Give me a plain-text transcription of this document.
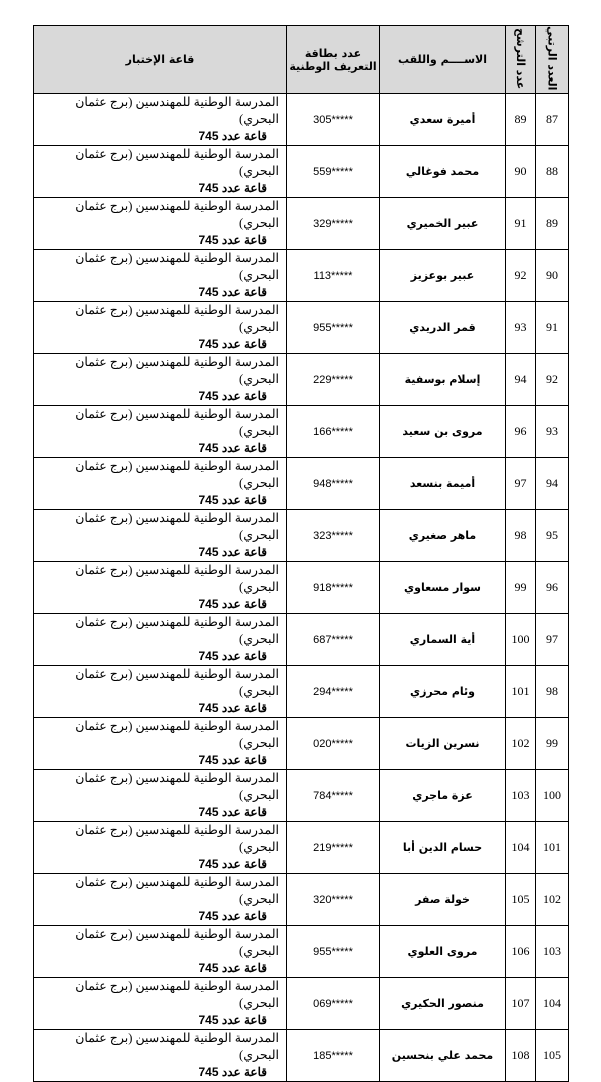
العدد الرتبي	عدد الترشح	الاســــم واللقب	عدد بطاقة التعريف الوطنية	قاعة الإختبار
87	89	أميرة سعدي	305*****	المدرسة الوطنية للمهندسين (برج عثمان البحري)
قاعة عدد 745

88	90	محمد فوغالي	559*****	المدرسة الوطنية للمهندسين (برج عثمان البحري)
قاعة عدد 745

89	91	عبير الخميري	329*****	المدرسة الوطنية للمهندسين (برج عثمان البحري)
قاعة عدد 745

90	92	عبير بوعزيز	113*****	المدرسة الوطنية للمهندسين (برج عثمان البحري)
قاعة عدد 745

91	93	قمر الدريدي	955*****	المدرسة الوطنية للمهندسين (برج عثمان البحري)
قاعة عدد 745

92	94	إسلام بوسفية	229*****	المدرسة الوطنية للمهندسين (برج عثمان البحري)
قاعة عدد 745

93	96	مروى بن سعيد	166*****	المدرسة الوطنية للمهندسين (برج عثمان البحري)
قاعة عدد 745

94	97	أميمة بنسعد	948*****	المدرسة الوطنية للمهندسين (برج عثمان البحري)
قاعة عدد 745

95	98	ماهر صغيري	323*****	المدرسة الوطنية للمهندسين (برج عثمان البحري)
قاعة عدد 745

96	99	سوار مسعاوي	918*****	المدرسة الوطنية للمهندسين (برج عثمان البحري)
قاعة عدد 745

97	100	أية السماري	687*****	المدرسة الوطنية للمهندسين (برج عثمان البحري)
قاعة عدد 745

98	101	وئام محرزي	294*****	المدرسة الوطنية للمهندسين (برج عثمان البحري)
قاعة عدد 745

99	102	نسرين الزيات	020*****	المدرسة الوطنية للمهندسين (برج عثمان البحري)
قاعة عدد 745

100	103	عزة ماجري	784*****	المدرسة الوطنية للمهندسين (برج عثمان البحري)
قاعة عدد 745

101	104	حسام الدين أبا	219*****	المدرسة الوطنية للمهندسين (برج عثمان البحري)
قاعة عدد 745

102	105	خولة صفر	320*****	المدرسة الوطنية للمهندسين (برج عثمان البحري)
قاعة عدد 745

103	106	مروى العلوي	955*****	المدرسة الوطنية للمهندسين (برج عثمان البحري)
قاعة عدد 745

104	107	منصور الحكيري	069*****	المدرسة الوطنية للمهندسين (برج عثمان البحري)
قاعة عدد 745

105	108	محمد علي بنحسين	185*****	المدرسة الوطنية للمهندسين (برج عثمان البحري)
قاعة عدد 745
